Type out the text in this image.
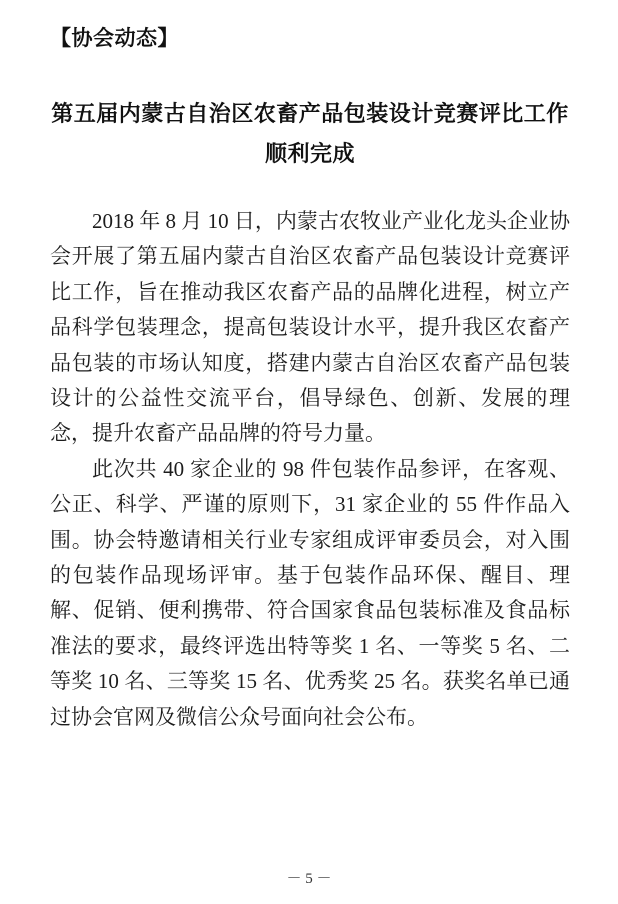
【协会动态】
第五届内蒙古自治区农畜产品包装设计竞赛评比工作
顺利完成

2018 年 8 月 10 日，内蒙古农牧业产业化龙头企业协会开展了第五届内蒙古自治区农畜产品包装设计竞赛评比工作，旨在推动我区农畜产品的品牌化进程，树立产品科学包装理念，提高包装设计水平，提升我区农畜产品包装的市场认知度，搭建内蒙古自治区农畜产品包装设计的公益性交流平台，倡导绿色、创新、发展的理念，提升农畜产品品牌的符号力量。

此次共 40 家企业的 98 件包装作品参评，在客观、公正、科学、严谨的原则下，31 家企业的 55 件作品入围。协会特邀请相关行业专家组成评审委员会，对入围的包装作品现场评审。基于包装作品环保、醒目、理解、促销、便利携带、符合国家食品包装标准及食品标准法的要求，最终评选出特等奖 1 名、一等奖 5 名、二等奖 10 名、三等奖 15 名、优秀奖 25 名。获奖名单已通过协会官网及微信公众号面向社会公布。

－ 5 －
